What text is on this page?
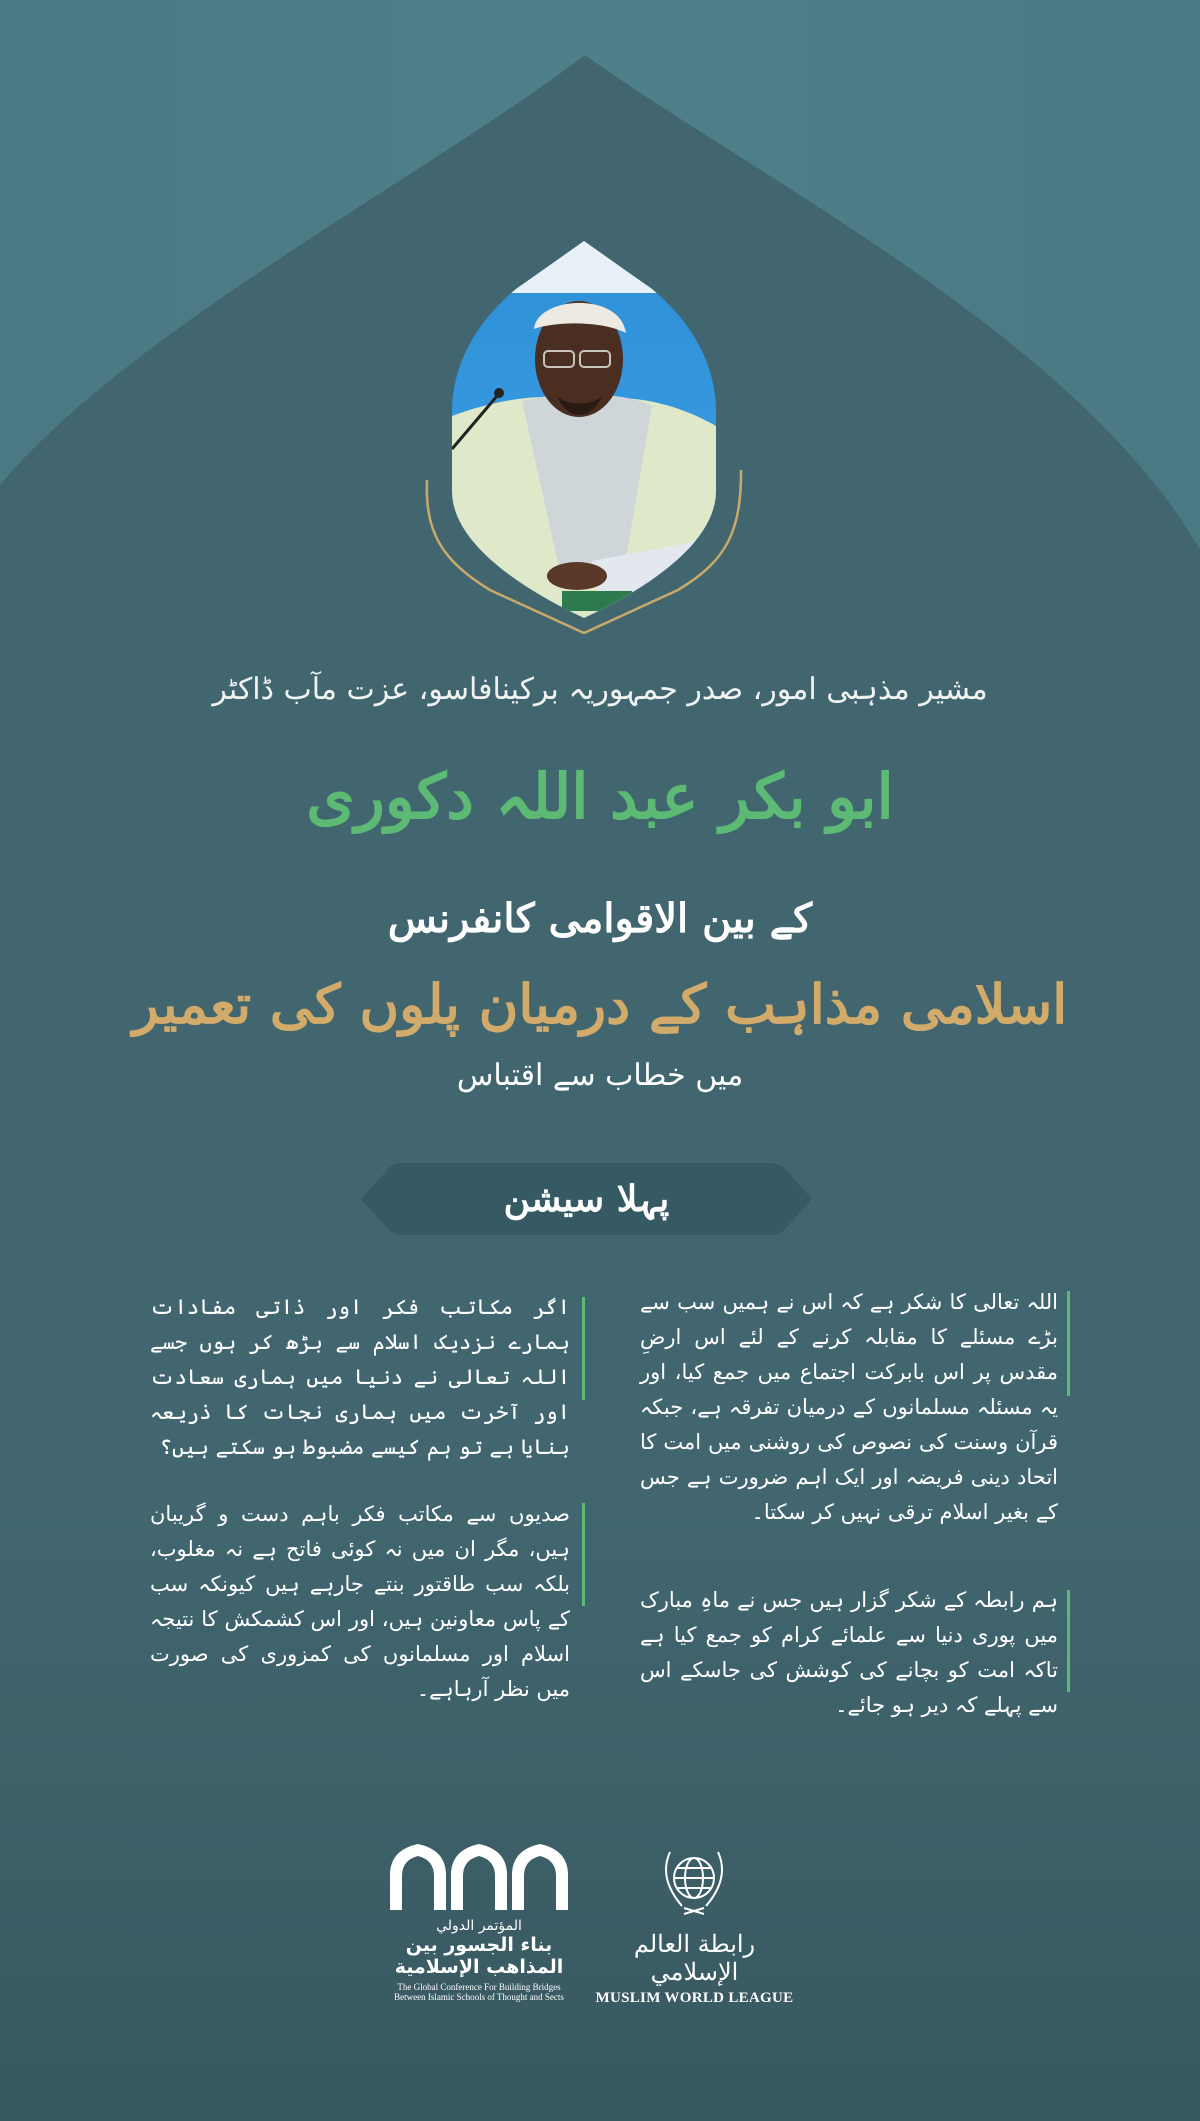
مشیر مذہبی امور، صدر جمہوریہ برکینافاسو، عزت مآب ڈاکٹر
ابو بکر عبد اللہ دکوری
کے بین الاقوامی کانفرنس
اسلامی مذاہب کے درمیان پلوں کی تعمیر
میں خطاب سے اقتباس
پہلا سیشن
اللہ تعالی کا شکر ہے کہ اس نے ہمیں سب سے بڑے مسئلے کا مقابلہ کرنے کے لئے اس ارضِ مقدس پر اس بابرکت اجتماع میں جمع کیا، اور یہ مسئلہ مسلمانوں کے درمیان تفرقہ ہے، جبکہ قرآن وسنت کی نصوص کی روشنی میں امت کا اتحاد دینی فریضہ اور ایک اہم ضرورت ہے جس کے بغیر اسلام ترقی نہیں کر سکتا۔
ہم رابطہ کے شکر گزار ہیں جس نے ماہِ مبارک میں پوری دنیا سے علمائے کرام کو جمع کیا ہے تاکہ امت کو بچانے کی کوشش کی جاسکے اس سے پہلے کہ دیر ہو جائے۔
اگر مکاتب فکر اور ذاتی مفادات ہمارے نزدیک اسلام سے بڑھ کر ہوں جسے اللہ تعالی نے دنیا میں ہماری سعادت اور آخرت میں ہماری نجات کا ذریعہ بنایا ہے تو ہم کیسے مضبوط ہو سکتے ہیں؟
صدیوں سے مکاتب فکر باہم دست و گریبان ہیں، مگر ان میں نہ کوئی فاتح ہے نہ مغلوب، بلکہ سب طاقتور بنتے جارہے ہیں کیونکہ سب کے پاس معاونین ہیں، اور اس کشمکش کا نتیجہ اسلام اور مسلمانوں کی کمزوری کی صورت میں نظر آرہاہے۔
المؤتمر الدولي
بناء الجسور بين
المذاهب الإسلامية
The Global Conference For Building Bridges
Between Islamic Schools of Thought and Sects
رابطة العالم الإسلامي
MUSLIM WORLD LEAGUE
